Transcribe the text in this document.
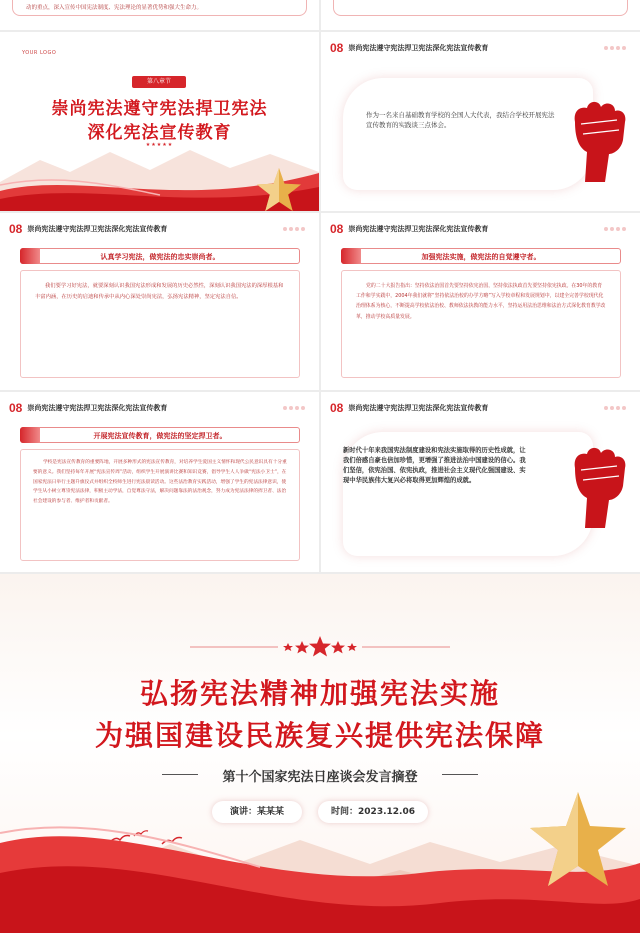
动的重点，深入宣传中国宪法制度、宪法理论的显著优势和强大生命力。
YOUR LOGO
第八章节
崇尚宪法遵守宪法捍卫宪法
深化宪法宣传教育
★★★★★
08 崇尚宪法遵守宪法捍卫宪法深化宪法宣传教育
作为一名来自基础教育学校的全国人大代表，我结合学校开展宪法宣传教育的实践谈三点体会。
08 崇尚宪法遵守宪法捍卫宪法深化宪法宣传教育
认真学习宪法，做宪法的忠实崇尚者。

我们要学习好宪法，就要深刻认识我国宪法形成和发展的历史必然性，深刻认识我国宪法的深厚根基和丰富内涵，在历史的启迪和传承中从内心深处崇尚宪法，弘扬宪法精神，坚定宪法自信。

08 崇尚宪法遵守宪法捍卫宪法深化宪法宣传教育
加强宪法实施，做宪法的自觉遵守者。

党的二十大报告指出：坚持依法治国首先要坚持依宪治国，坚持依法执政首先要坚持依宪执政。在30年的教育工作和学实践中，2004年我们就将“坚持依法治校的办学方略”写入学校章程和发展规划中，以建全完善学校现代化治理体系为核心，不断提高学校依法治校、教师依法执教的能力水平，坚持运用法治思维和法治方式深化教育教学改革，推动学校高质量发展。

08 崇尚宪法遵守宪法捍卫宪法深化宪法宣传教育
开展宪法宣传教育，做宪法的坚定捍卫者。

学校是宪法宣传教育的重要阵地，开展多种形式的宪法宣传教育，对培养学生爱国主义情怀和现代公民意识具有十分重要的意义。我们坚持每年开展“宪法宣传周”活动，组织学生开展演讲比赛和知识竞赛，倡导学生人人争做“宪法小卫士”，在国家宪法日举行主题升旗仪式并组织全校师生进行宪法晨读活动。这些法治教育实践活动，增强了学生的宪法法律意识，使学生从小树立尊崇宪法法律，积极主动学法，自觉尊法守法，解决问题靠法的法治观念，努力成为宪法法律的捍卫者、法治社会建设的参与者、维护者和贡献者。

08 崇尚宪法遵守宪法捍卫宪法深化宪法宣传教育
新时代十年来我国宪法制度建设和宪法实施取得的历史性成就，让我们倍感自豪也倍加珍惜，更增强了推进法治中国建设的信心。我们坚信，依宪治国、依宪执政，推进社会主义现代化强国建设、实现中华民族伟大复兴必将取得更加辉煌的成就。
弘扬宪法精神加强宪法实施
为强国建设民族复兴提供宪法保障
第十个国家宪法日座谈会发言摘登
演讲：某某某	时间：2023.12.06
